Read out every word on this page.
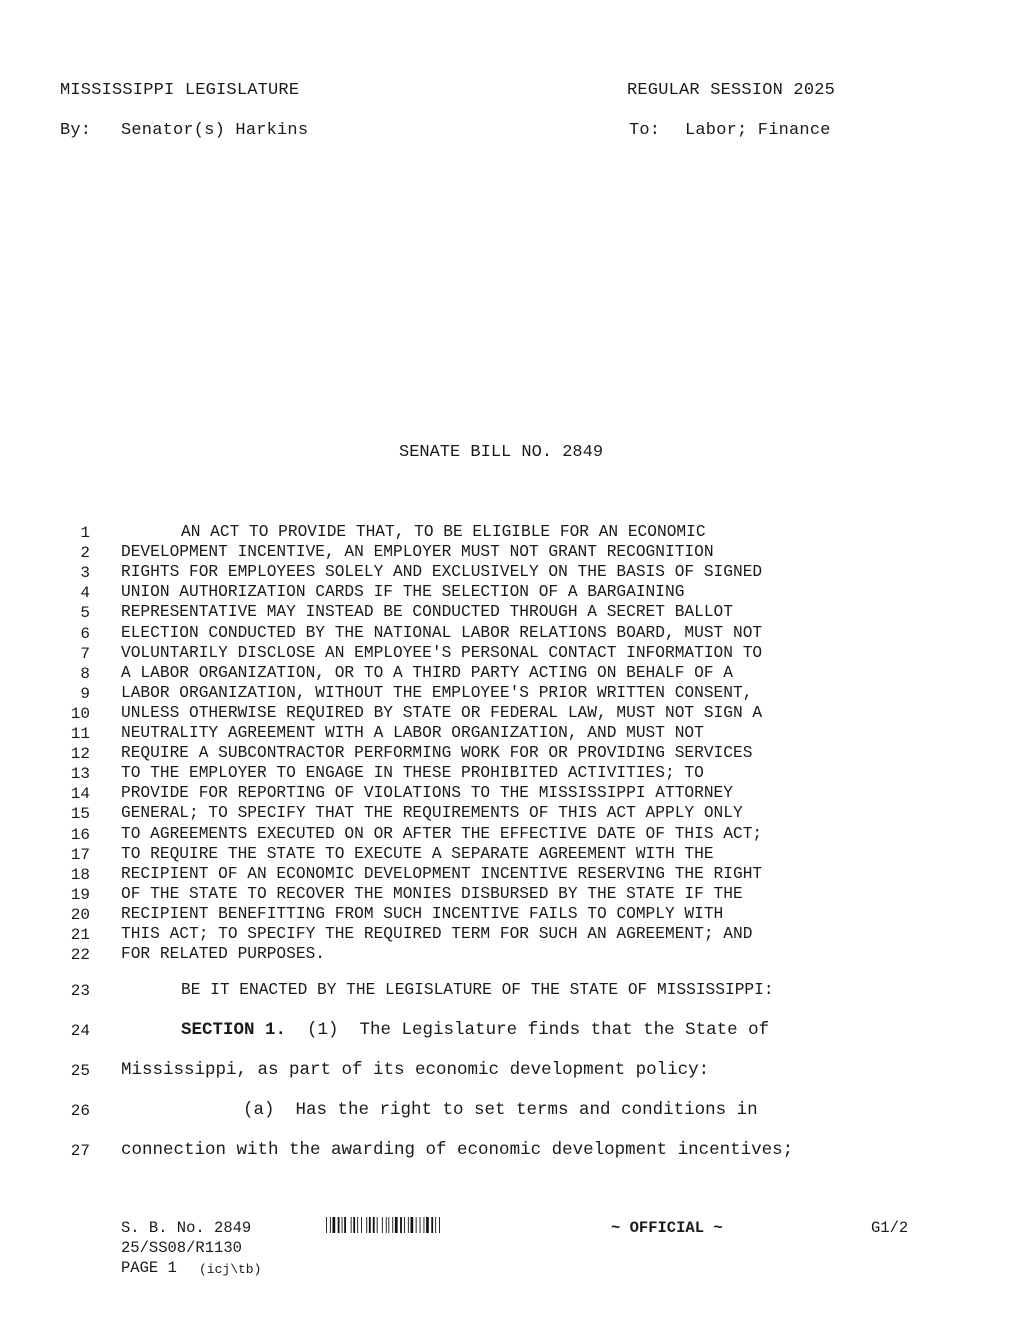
MISSISSIPPI LEGISLATURE	REGULAR SESSION 2025
By: Senator(s) Harkins	To: Labor; Finance
SENATE BILL NO. 2849
1	AN ACT TO PROVIDE THAT, TO BE ELIGIBLE FOR AN ECONOMIC
2 DEVELOPMENT INCENTIVE, AN EMPLOYER MUST NOT GRANT RECOGNITION
3 RIGHTS FOR EMPLOYEES SOLELY AND EXCLUSIVELY ON THE BASIS OF SIGNED
4 UNION AUTHORIZATION CARDS IF THE SELECTION OF A BARGAINING
5 REPRESENTATIVE MAY INSTEAD BE CONDUCTED THROUGH A SECRET BALLOT
6 ELECTION CONDUCTED BY THE NATIONAL LABOR RELATIONS BOARD, MUST NOT
7 VOLUNTARILY DISCLOSE AN EMPLOYEE'S PERSONAL CONTACT INFORMATION TO
8 A LABOR ORGANIZATION, OR TO A THIRD PARTY ACTING ON BEHALF OF A
9 LABOR ORGANIZATION, WITHOUT THE EMPLOYEE'S PRIOR WRITTEN CONSENT,
10 UNLESS OTHERWISE REQUIRED BY STATE OR FEDERAL LAW, MUST NOT SIGN A
11 NEUTRALITY AGREEMENT WITH A LABOR ORGANIZATION, AND MUST NOT
12 REQUIRE A SUBCONTRACTOR PERFORMING WORK FOR OR PROVIDING SERVICES
13 TO THE EMPLOYER TO ENGAGE IN THESE PROHIBITED ACTIVITIES; TO
14 PROVIDE FOR REPORTING OF VIOLATIONS TO THE MISSISSIPPI ATTORNEY
15 GENERAL; TO SPECIFY THAT THE REQUIREMENTS OF THIS ACT APPLY ONLY
16 TO AGREEMENTS EXECUTED ON OR AFTER THE EFFECTIVE DATE OF THIS ACT;
17 TO REQUIRE THE STATE TO EXECUTE A SEPARATE AGREEMENT WITH THE
18 RECIPIENT OF AN ECONOMIC DEVELOPMENT INCENTIVE RESERVING THE RIGHT
19 OF THE STATE TO RECOVER THE MONIES DISBURSED BY THE STATE IF THE
20 RECIPIENT BENEFITTING FROM SUCH INCENTIVE FAILS TO COMPLY WITH
21 THIS ACT; TO SPECIFY THE REQUIRED TERM FOR SUCH AN AGREEMENT; AND
22 FOR RELATED PURPOSES.
23	BE IT ENACTED BY THE LEGISLATURE OF THE STATE OF MISSISSIPPI:
24	SECTION 1.  (1)  The Legislature finds that the State of
25 Mississippi, as part of its economic development policy:
26	(a)  Has the right to set terms and conditions in
27 connection with the awarding of economic development incentives;
S. B. No. 2849	~ OFFICIAL ~	G1/2
25/SS08/R1130
PAGE 1 (icj\tb)
